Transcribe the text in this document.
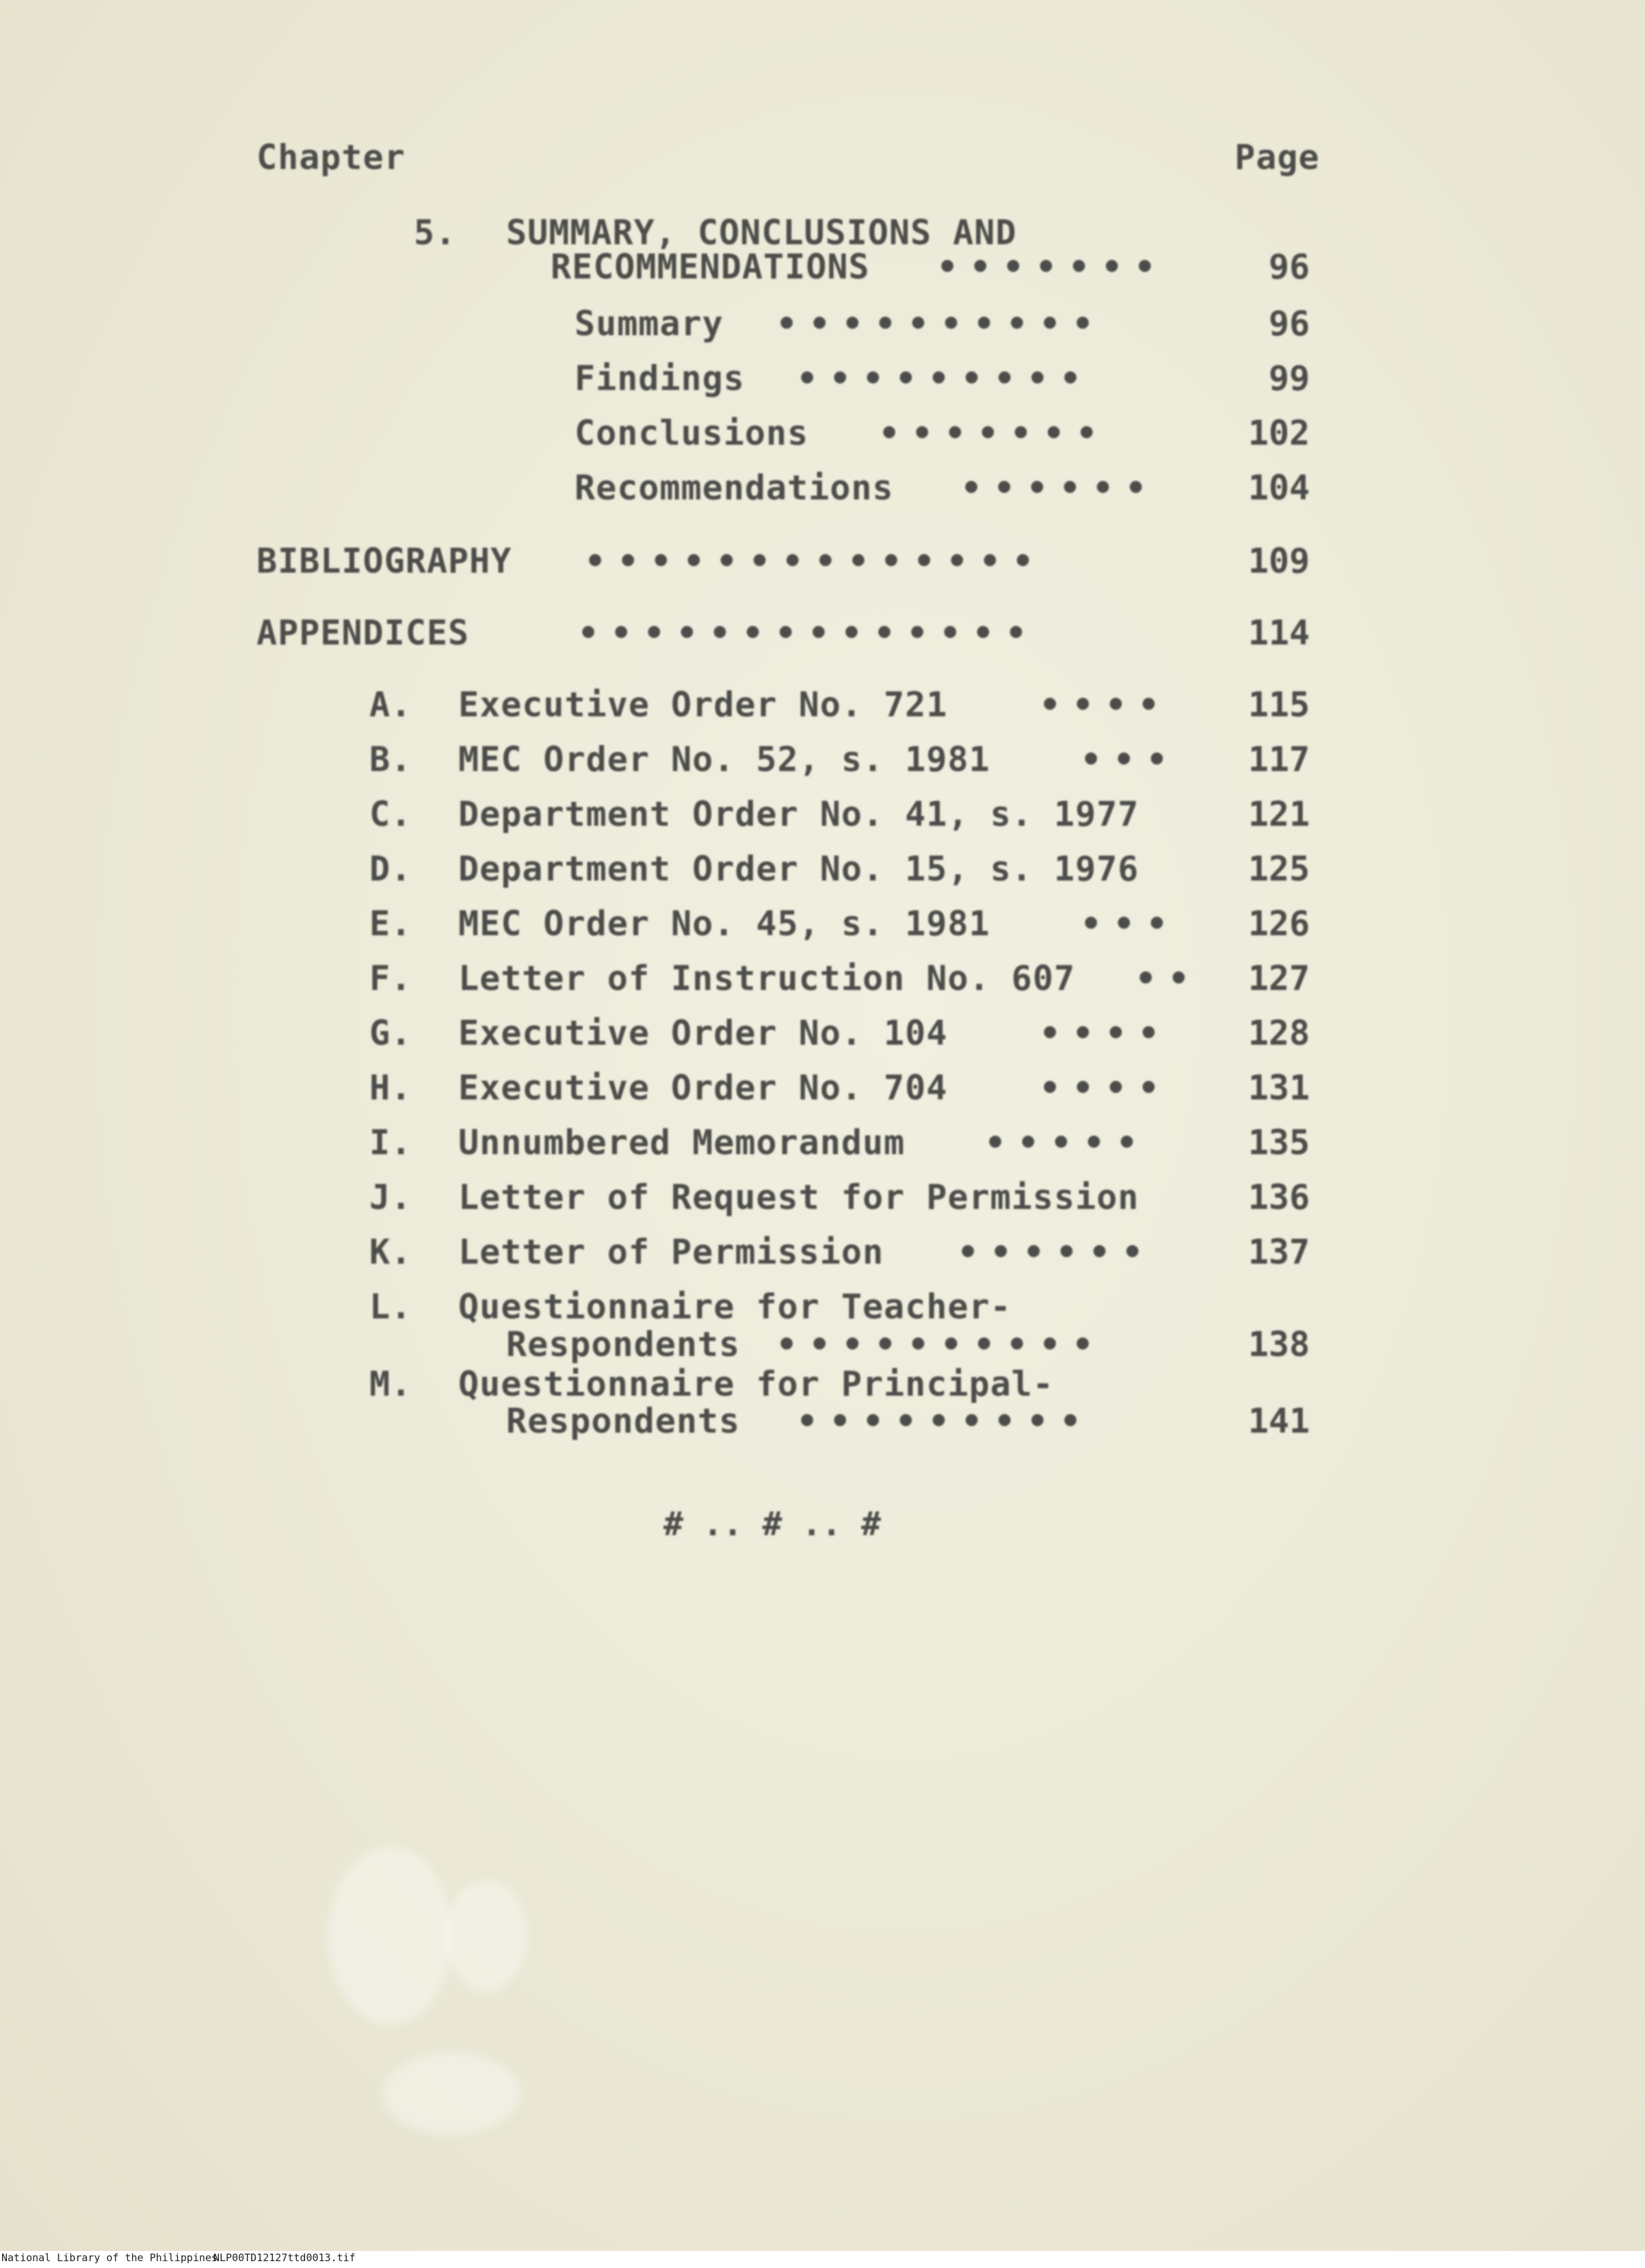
Chapter	Page
5. SUMMARY, CONCLUSIONS AND
RECOMMENDATIONS •••••••	96
Summary ••••••••••	96
Findings •••••••••	99
Conclusions •••••••	102
Recommendations ••••••	104
BIBLIOGRAPHY ••••••••••••••	109
APPENDICES	••••••••••••••	114
A. Executive Order No. 721	••••	115
B. MEC Order No. 52, s. 1981	•••	117
C. Department Order No. 41, s. 1977	121
D. Department Order No. 15, s. 1976	125
E. MEC Order No. 45, s. 1981	•••	126
F. Letter of Instruction No. 607 ••	127
G. Executive Order No. 104	••••	128
H. Executive Order No. 704	••••	131
I. Unnumbered Memorandum •••••	135
J. Letter of Request for Permission	136
K. Letter of Permission ••••••	137
L. Questionnaire for Teacher-
Respondents ••••••••••	138
M. Questionnaire for Principal-
Respondents •••••••••	141
# .. # .. #
National Library of the Philippines
NLP00TD12127ttd0013.tif
